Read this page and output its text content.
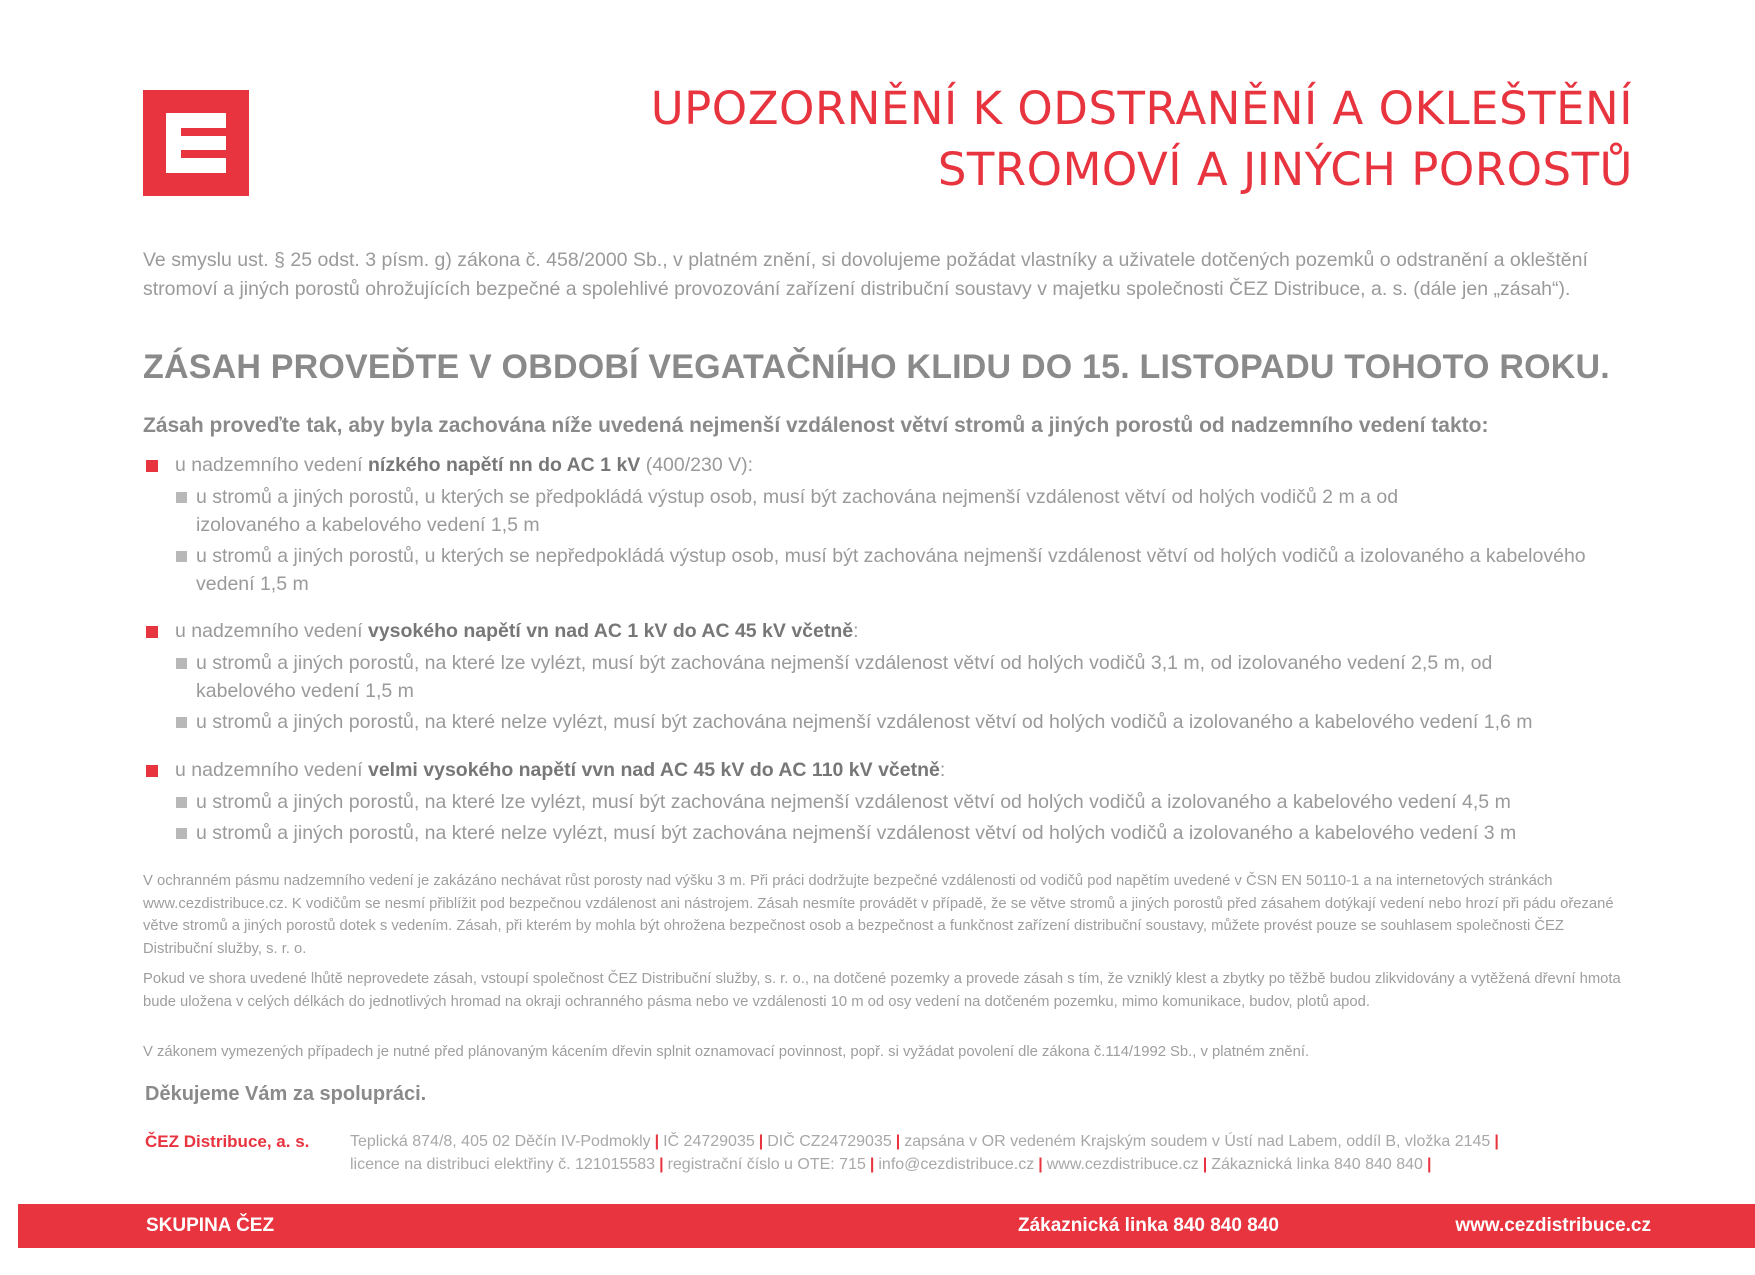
UPOZORNĚNÍ K ODSTRANĚNÍ A OKLEŠTĚNÍ
STROMOVÍ A JINÝCH POROSTŮ
Ve smyslu ust. § 25 odst. 3 písm. g) zákona č. 458/2000 Sb., v platném znění, si dovolujeme požádat vlastníky a uživatele dotčených pozemků o odstranění a okleštění stromoví a jiných porostů ohrožujících bezpečné a spolehlivé provozování zařízení distribuční soustavy v majetku společnosti ČEZ Distribuce, a. s. (dále jen „zásah“).
ZÁSAH PROVEĎTE V OBDOBÍ VEGATAČNÍHO KLIDU DO 15. LISTOPADU TOHOTO ROKU.
Zásah proveďte tak, aby byla zachována níže uvedená nejmenší vzdálenost větví stromů a jiných porostů od nadzemního vedení takto:
u nadzemního vedení nízkého napětí nn do AC 1 kV (400/230 V):
u stromů a jiných porostů, u kterých se předpokládá výstup osob, musí být zachována nejmenší vzdálenost větví od holých vodičů 2 m a od izolovaného a kabelového vedení 1,5 m
u stromů a jiných porostů, u kterých se nepředpokládá výstup osob, musí být zachována nejmenší vzdálenost větví od holých vodičů a izolovaného a kabelového vedení 1,5 m
u nadzemního vedení vysokého napětí vn nad AC 1 kV do AC 45 kV včetně:
u stromů a jiných porostů, na které lze vylézt, musí být zachována nejmenší vzdálenost větví od holých vodičů 3,1 m, od izolovaného vedení 2,5 m, od kabelového vedení 1,5 m
u stromů a jiných porostů, na které nelze vylézt, musí být zachována nejmenší vzdálenost větví od holých vodičů a izolovaného a kabelového vedení 1,6 m
u nadzemního vedení velmi vysokého napětí vvn nad AC 45 kV do AC 110 kV včetně:
u stromů a jiných porostů, na které lze vylézt, musí být zachována nejmenší vzdálenost větví od holých vodičů a izolovaného a kabelového vedení 4,5 m
u stromů a jiných porostů, na které nelze vylézt, musí být zachována nejmenší vzdálenost větví od holých vodičů a izolovaného a kabelového vedení 3 m
V ochranném pásmu nadzemního vedení je zakázáno nechávat růst porosty nad výšku 3 m. Při práci dodržujte bezpečné vzdálenosti od vodičů pod napětím uvedené v ČSN EN 50110-1 a na internetových stránkách www.cezdistribuce.cz. K vodičům se nesmí přiblížit pod bezpečnou vzdálenost ani nástrojem. Zásah nesmíte provádět v případě, že se větve stromů a jiných porostů před zásahem dotýkají vedení nebo hrozí při pádu ořezané větve stromů a jiných porostů dotek s vedením. Zásah, při kterém by mohla být ohrožena bezpečnost osob a bezpečnost a funkčnost zařízení distribuční soustavy, můžete provést pouze se souhlasem společnosti ČEZ Distribuční služby, s. r. o.
Pokud ve shora uvedené lhůtě neprovedete zásah, vstoupí společnost ČEZ Distribuční služby, s. r. o., na dotčené pozemky a provede zásah s tím, že vzniklý klest a zbytky po těžbě budou zlikvidovány a vytěžená dřevní hmota bude uložena v celých délkách do jednotlivých hromad na okraji ochranného pásma nebo ve vzdálenosti 10 m od osy vedení na dotčeném pozemku, mimo komunikace, budov, plotů apod.
V zákonem vymezených případech je nutné před plánovaným kácením dřevin splnit oznamovací povinnost, popř. si vyžádat povolení dle zákona č.114/1992 Sb., v platném znění.
Děkujeme Vám za spolupráci.
ČEZ Distribuce, a. s.	Teplická 874/8, 405 02 Děčín IV-Podmokly | IČ 24729035 | DIČ CZ24729035 | zapsána v OR vedeném Krajským soudem v Ústí nad Labem, oddíl B, vložka 2145 |
licence na distribuci elektřiny č. 121015583 | registrační číslo u OTE: 715 | info@cezdistribuce.cz | www.cezdistribuce.cz | Zákaznická linka 840 840 840 |
SKUPINA ČEZ	Zákaznická linka 840 840 840	www.cezdistribuce.cz
